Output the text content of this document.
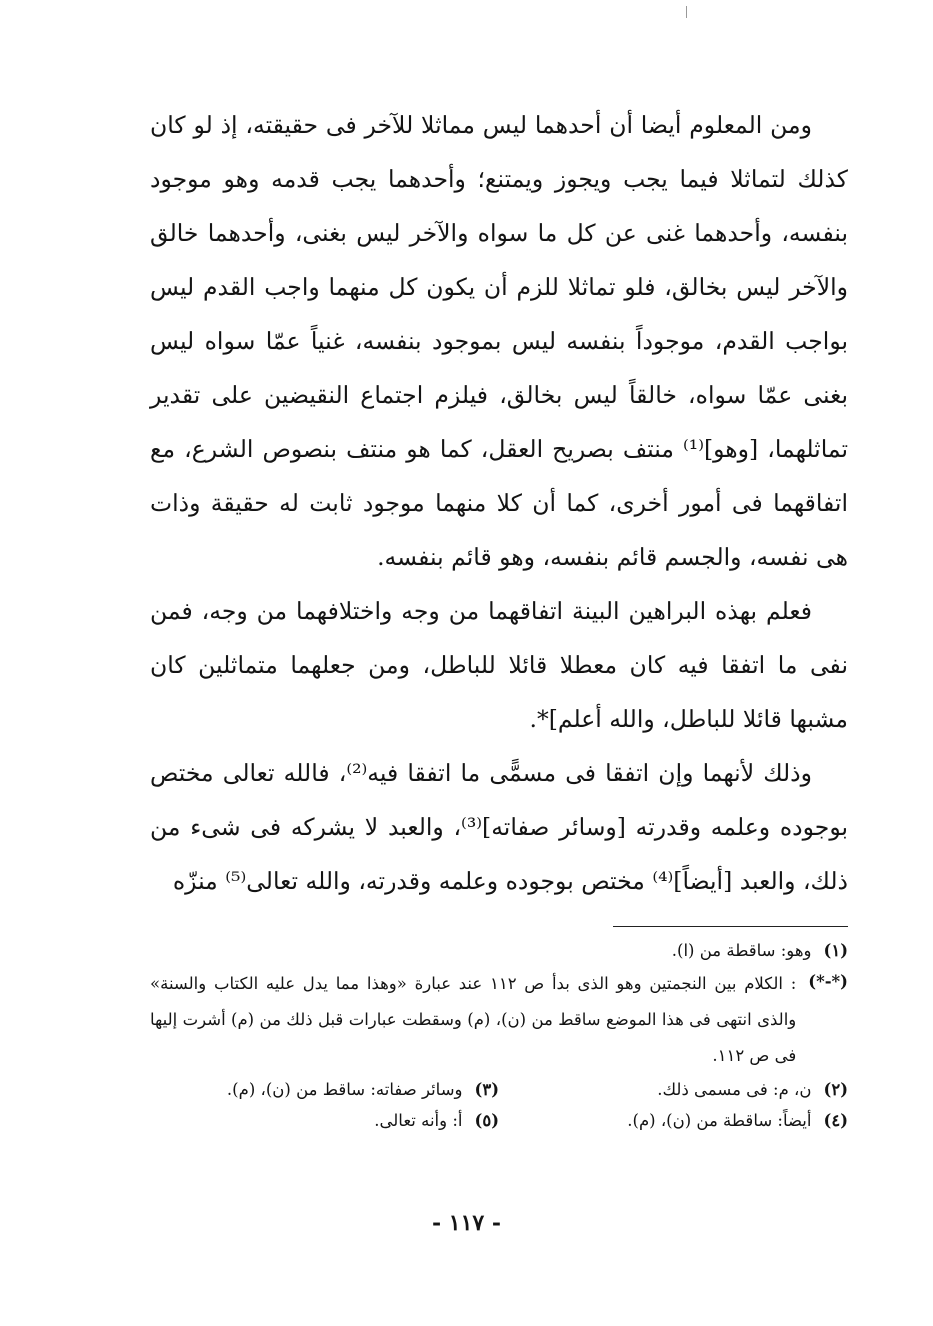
ومن المعلوم أيضا أن أحدهما ليس مماثلا للآخر فى حقيقته، إذ لو كان كذلك لتماثلا فيما يجب ويجوز ويمتنع؛ وأحدهما يجب قدمه وهو موجود بنفسه، وأحدهما غنى عن كل ما سواه والآخر ليس بغنى، وأحدهما خالق والآخر ليس بخالق، فلو تماثلا للزم أن يكون كل منهما واجب القدم ليس بواجب القدم، موجوداً بنفسه ليس بموجود بنفسه، غنياً عمّا سواه ليس بغنى عمّا سواه، خالقاً ليس بخالق، فيلزم اجتماع النقيضين على تقدير تماثلهما، [وهو]⁽¹⁾ منتف بصريح العقل، كما هو منتف بنصوص الشرع، مع اتفاقهما فى أمور أخرى، كما أن كلا منهما موجود ثابت له حقيقة وذات هى نفسه، والجسم قائم بنفسه، وهو قائم بنفسه.

فعلم بهذه البراهين البينة اتفاقهما من وجه واختلافهما من وجه، فمن نفى ما اتفقا فيه كان معطلا قائلا للباطل، ومن جعلهما متماثلين كان مشبها قائلا للباطل، والله أعلم]*.

وذلك لأنهما وإن اتفقا فى مسمًّى ما اتفقا فيه⁽²⁾، فالله تعالى مختص بوجوده وعلمه وقدرته [وسائر صفاته]⁽³⁾، والعبد لا يشركه فى شىء من ذلك، والعبد [أيضاً]⁽⁴⁾ مختص بوجوده وعلمه وقدرته، والله تعالى⁽⁵⁾ منزّه

(١)
وهو: ساقطة من (ا).
(*-*)
: الكلام بين النجمتين وهو الذى بدأ ص ١١٢ عند عبارة «وهذا مما يدل عليه الكتاب والسنة» والذى انتهى فى هذا الموضع ساقط من (ن)، (م) وسقطت عبارات قبل ذلك من (م) أشرت إليها فى ص ١١٢.
(٢)
ن، م: فى مسمى ذلك.
(٣)
وسائر صفاته: ساقط من (ن)، (م).
(٤)
أيضاً: ساقطة من (ن)، (م).
(٥)
أ: وأنه تعالى.
- ١١٧ -
